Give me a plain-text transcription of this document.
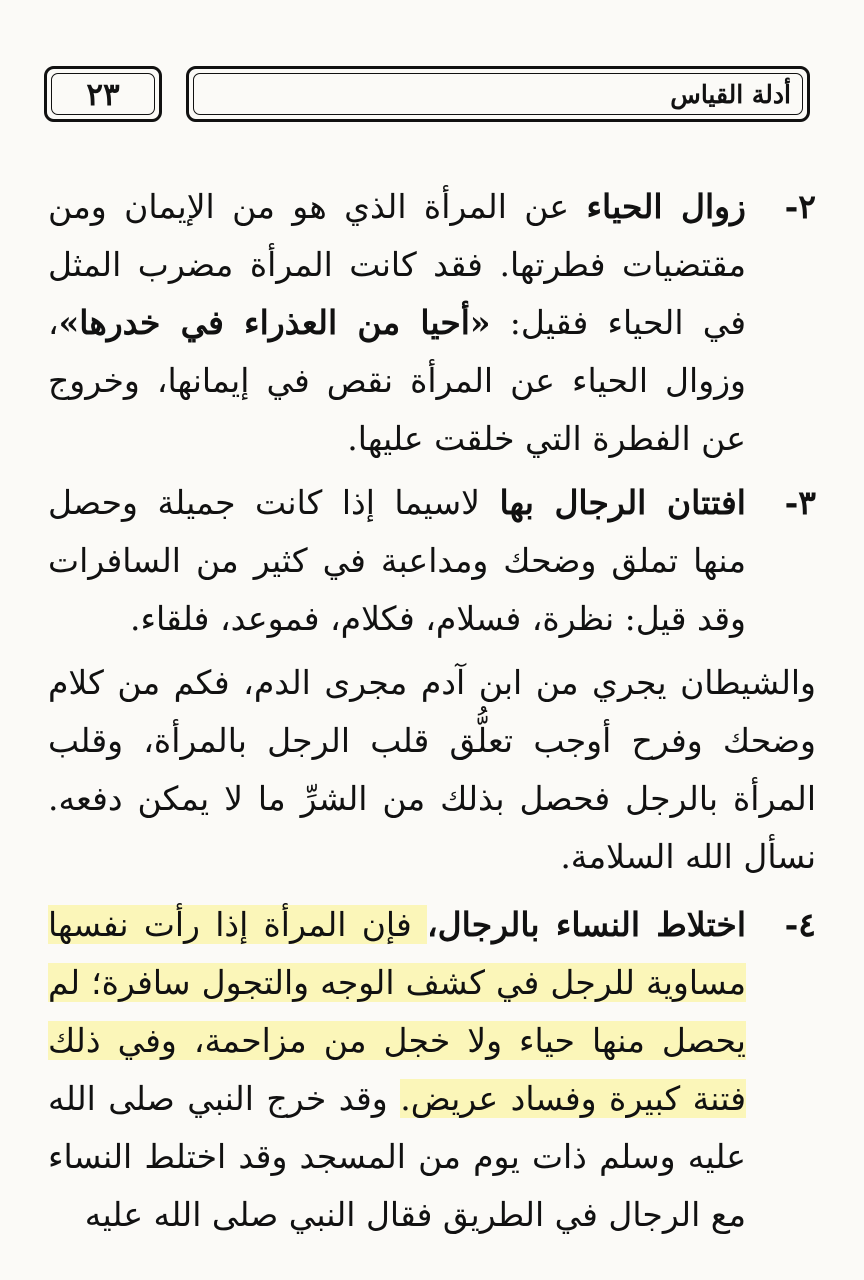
أدلة القياس
٢٣
٢-
زوال الحياء عن المرأة الذي هو من الإيمان ومن مقتضيات فطرتها. فقد كانت المرأة مضرب المثل في الحياء فقيل: «أحيا من العذراء في خدرها»، وزوال الحياء عن المرأة نقص في إيمانها، وخروج عن الفطرة التي خلقت عليها.
٣-
افتتان الرجال بها لاسيما إذا كانت جميلة وحصل منها تملق وضحك ومداعبة في كثير من السافرات وقد قيل: نظرة، فسلام، فكلام، فموعد، فلقاء.
والشيطان يجري من ابن آدم مجرى الدم، فكم من كلام وضحك وفرح أوجب تعلُّق قلب الرجل بالمرأة، وقلب المرأة بالرجل فحصل بذلك من الشرِّ ما لا يمكن دفعه. نسأل الله السلامة.
٤-
اختلاط النساء بالرجال، فإن المرأة إذا رأت نفسها مساوية للرجل في كشف الوجه والتجول سافرة؛ لم يحصل منها حياء ولا خجل من مزاحمة، وفي ذلك فتنة كبيرة وفساد عريض. وقد خرج النبي صلى الله عليه وسلم ذات يوم من المسجد وقد اختلط النساء مع الرجال في الطريق فقال النبي صلى الله عليه
